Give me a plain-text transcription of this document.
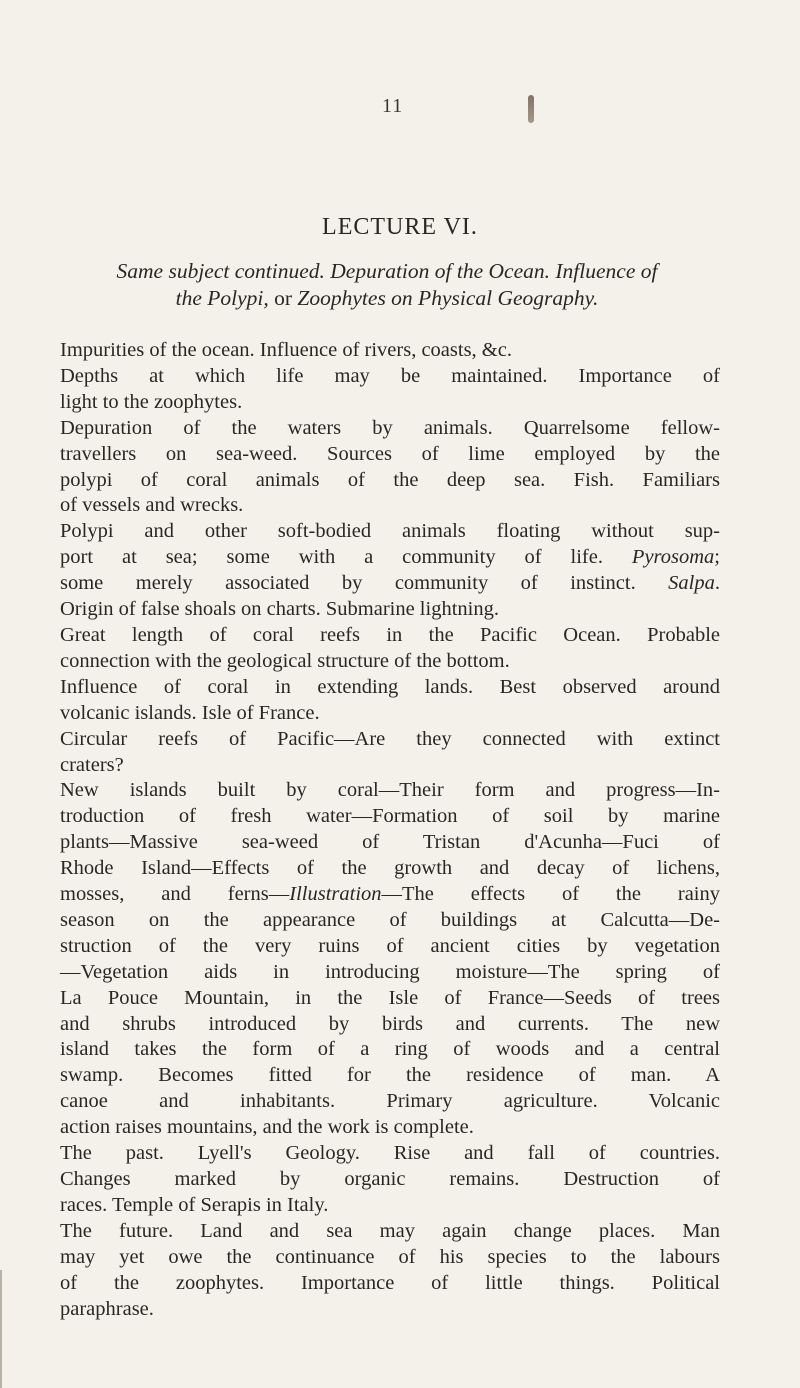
11
LECTURE VI.
Same subject continued. Depuration of the Ocean. Influence of
the Polypi, or Zoophytes on Physical Geography.

Impurities of the ocean. Influence of rivers, coasts, &c.

Depths at which life may be maintained. Importance of
light to the zoophytes.

Depuration of the waters by animals. Quarrelsome fellow-
travellers on sea-weed. Sources of lime employed by the
polypi of coral animals of the deep sea. Fish. Familiars
of vessels and wrecks.

Polypi and other soft-bodied animals floating without sup-
port at sea; some with a community of life. Pyrosoma;
some merely associated by community of instinct. Salpa.
Origin of false shoals on charts. Submarine lightning.

Great length of coral reefs in the Pacific Ocean. Probable
connection with the geological structure of the bottom.

Influence of coral in extending lands. Best observed around
volcanic islands. Isle of France.

Circular reefs of Pacific—Are they connected with extinct
craters?

New islands built by coral—Their form and progress—In-
troduction of fresh water—Formation of soil by marine
plants—Massive sea-weed of Tristan d'Acunha—Fuci of
Rhode Island—Effects of the growth and decay of lichens,
mosses, and ferns—Illustration—The effects of the rainy
season on the appearance of buildings at Calcutta—De-
struction of the very ruins of ancient cities by vegetation
—Vegetation aids in introducing moisture—The spring of
La Pouce Mountain, in the Isle of France—Seeds of trees
and shrubs introduced by birds and currents. The new
island takes the form of a ring of woods and a central
swamp. Becomes fitted for the residence of man. A
canoe and inhabitants. Primary agriculture. Volcanic
action raises mountains, and the work is complete.

The past. Lyell's Geology. Rise and fall of countries.
Changes marked by organic remains. Destruction of
races. Temple of Serapis in Italy.

The future. Land and sea may again change places. Man
may yet owe the continuance of his species to the labours
of the zoophytes. Importance of little things. Political
paraphrase.
